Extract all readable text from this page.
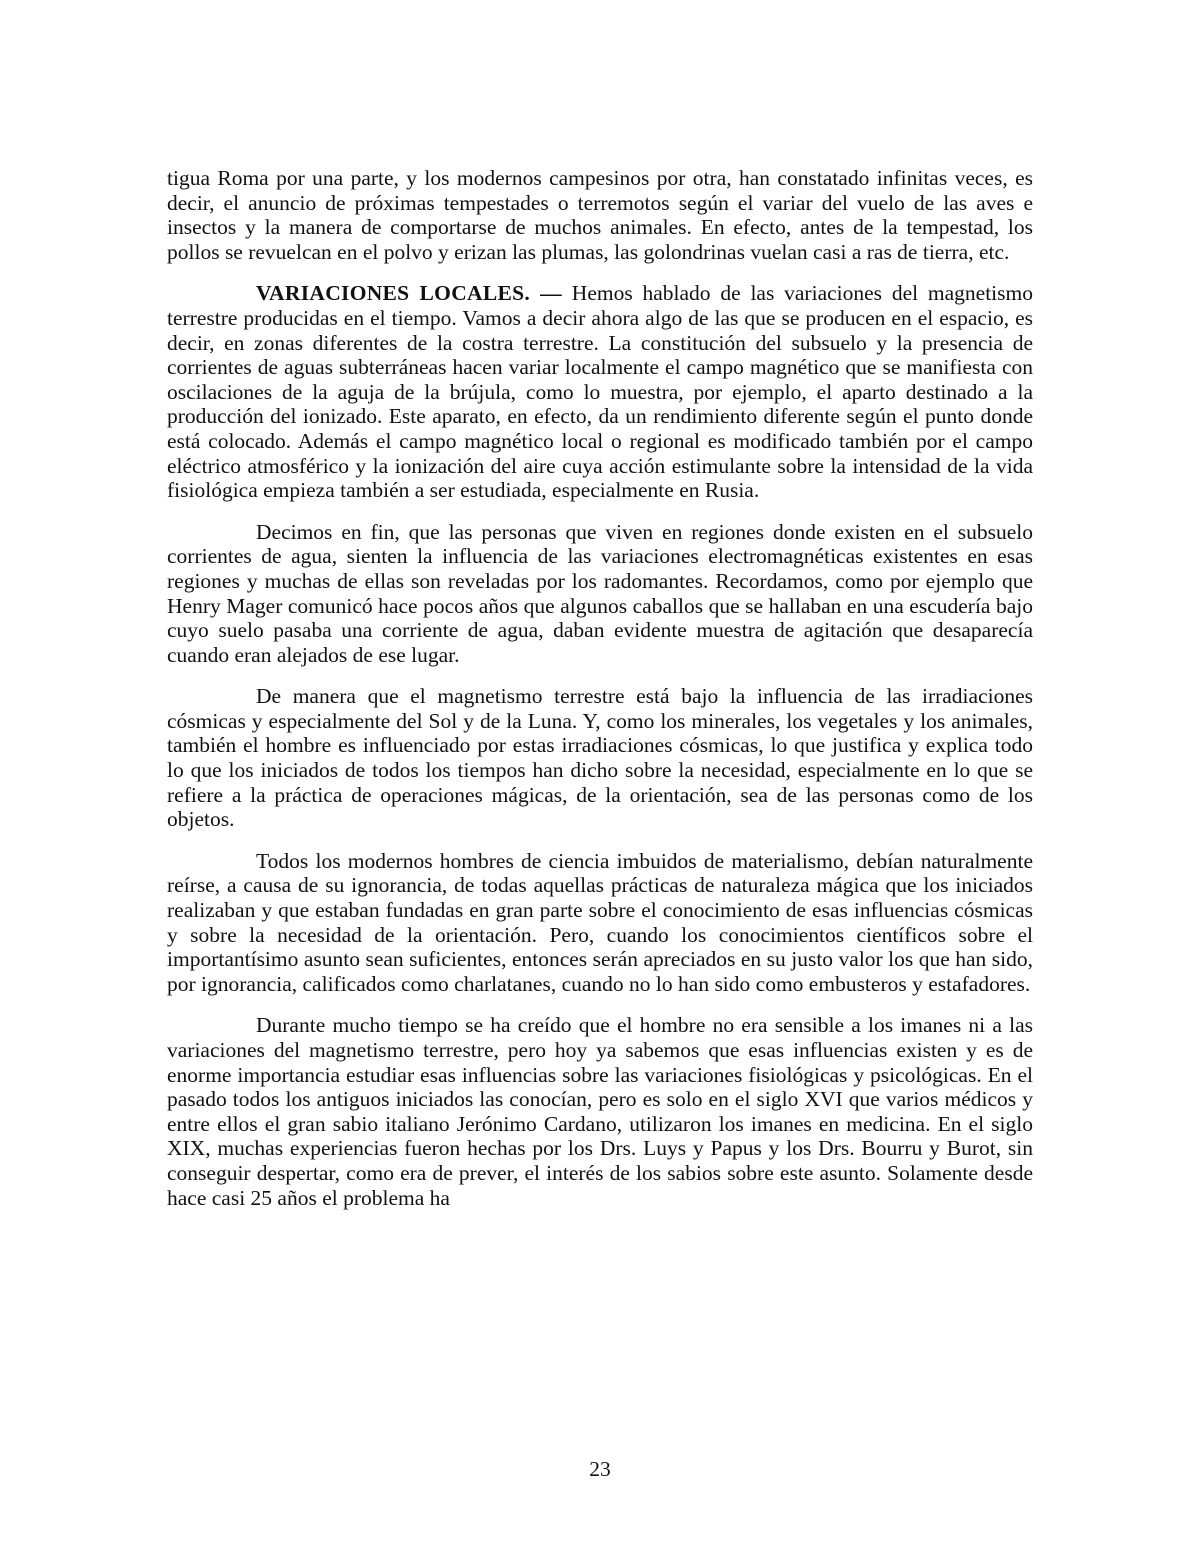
tigua Roma por una parte, y los modernos campesinos por otra, han constatado infinitas veces, es decir, el anuncio de próximas tempestades o terremotos según el variar del vuelo de las aves e insectos y la manera de comportarse de muchos animales. En efecto, antes de la tempestad, los pollos se revuelcan en el polvo y erizan las plumas, las golondrinas vuelan casi a ras de tierra, etc.

VARIACIONES LOCALES. — Hemos hablado de las variaciones del magnetismo terrestre producidas en el tiempo. Vamos a decir ahora algo de las que se producen en el espacio, es decir, en zonas diferentes de la costra terrestre. La constitución del subsuelo y la presencia de corrientes de aguas subterráneas hacen variar localmente el campo magnético que se manifiesta con oscilaciones de la aguja de la brújula, como lo muestra, por ejemplo, el aparto destinado a la producción del ionizado. Este aparato, en efecto, da un rendimiento diferente según el punto donde está colocado. Además el campo magnético local o regional es modificado también por el campo eléctrico atmosférico y la ionización del aire cuya acción estimulante sobre la intensidad de la vida fisiológica empieza también a ser estudiada, especialmente en Rusia.

Decimos en fin, que las personas que viven en regiones donde existen en el subsuelo corrientes de agua, sienten la influencia de las variaciones electromagnéticas existentes en esas regiones y muchas de ellas son reveladas por los radomantes. Recordamos, como por ejemplo que Henry Mager comunicó hace pocos años que algunos caballos que se hallaban en una escudería bajo cuyo suelo pasaba una corriente de agua, daban evidente muestra de agitación que desaparecía cuando eran alejados de ese lugar.

De manera que el magnetismo terrestre está bajo la influencia de las irradiaciones cósmicas y especialmente del Sol y de la Luna. Y, como los minerales, los vegetales y los animales, también el hombre es influenciado por estas irradiaciones cósmicas, lo que justifica y explica todo lo que los iniciados de todos los tiempos han dicho sobre la necesidad, especialmente en lo que se refiere a la práctica de operaciones mágicas, de la orientación, sea de las personas como de los objetos.

Todos los modernos hombres de ciencia imbuidos de materialismo, debían naturalmente reírse, a causa de su ignorancia, de todas aquellas prácticas de naturaleza mágica que los iniciados realizaban y que estaban fundadas en gran parte sobre el conocimiento de esas influencias cósmicas y sobre la necesidad de la orientación. Pero, cuando los conocimientos científicos sobre el importantísimo asunto sean suficientes, entonces serán apreciados en su justo valor los que han sido, por ignorancia, calificados como charlatanes, cuando no lo han sido como embusteros y estafadores.

Durante mucho tiempo se ha creído que el hombre no era sensible a los imanes ni a las variaciones del magnetismo terrestre, pero hoy ya sabemos que esas influencias existen y es de enorme importancia estudiar esas influencias sobre las variaciones fisiológicas y psicológicas. En el pasado todos los antiguos iniciados las conocían, pero es solo en el siglo XVI que varios médicos y entre ellos el gran sabio italiano Jerónimo Cardano, utilizaron los imanes en medicina. En el siglo XIX, muchas experiencias fueron hechas por los Drs. Luys y Papus y los Drs. Bourru y Burot, sin conseguir despertar, como era de prever, el interés de los sabios sobre este asunto. Solamente desde hace casi 25 años el problema ha

23
